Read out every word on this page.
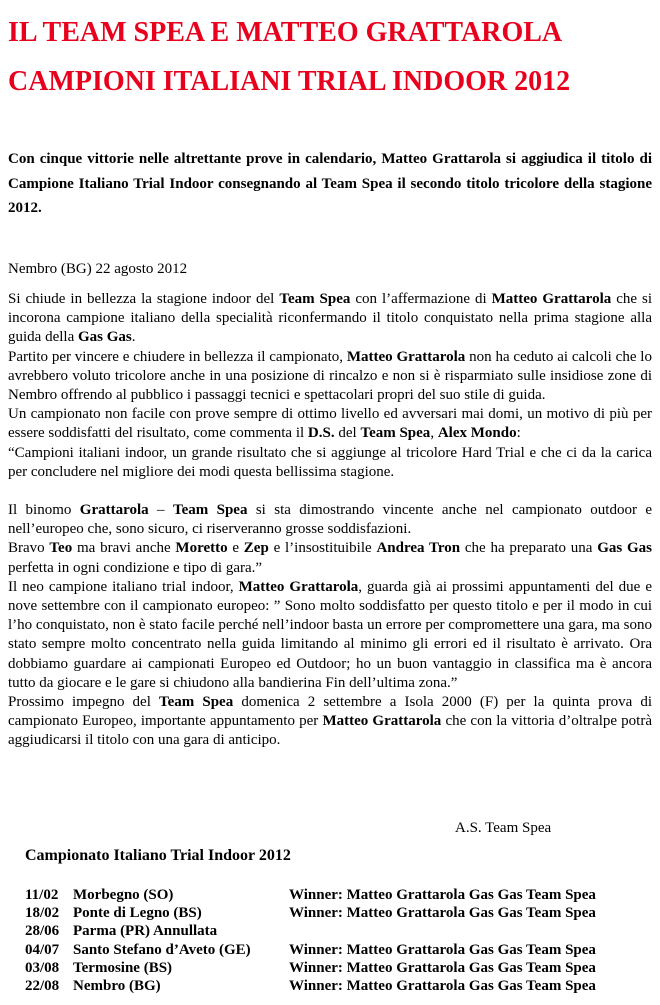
IL TEAM SPEA E MATTEO GRATTAROLA
CAMPIONI ITALIANI TRIAL INDOOR 2012

Con cinque vittorie nelle altrettante prove in calendario, Matteo Grattarola si aggiudica il titolo di Campione Italiano Trial Indoor consegnando al Team Spea il secondo titolo tricolore della stagione 2012.

Nembro (BG) 22 agosto 2012

Si chiude in bellezza la stagione indoor del Team Spea con l’affermazione di Matteo Grattarola che si incorona campione italiano della specialità riconfermando il titolo conquistato nella prima stagione alla guida della Gas Gas.

Partito per vincere e chiudere in bellezza il campionato, Matteo Grattarola non ha ceduto ai calcoli che lo avrebbero voluto tricolore anche in una posizione di rincalzo e non si è risparmiato sulle insidiose zone di Nembro offrendo al pubblico i passaggi tecnici e spettacolari propri del suo stile di guida.

Un campionato non facile con prove sempre di ottimo livello ed avversari mai domi, un motivo di più per essere soddisfatti del risultato, come commenta il D.S. del Team Spea, Alex Mondo:

“Campioni italiani indoor, un grande risultato che si aggiunge al tricolore Hard Trial e che ci da la carica per concludere nel migliore dei modi questa bellissima stagione.

Il binomo Grattarola – Team Spea si sta dimostrando vincente anche nel campionato outdoor e nell’europeo che, sono sicuro, ci riserveranno grosse soddisfazioni.

Bravo Teo ma bravi anche Moretto e Zep e l’insostituibile Andrea Tron che ha preparato una Gas Gas perfetta in ogni condizione e tipo di gara.”

Il neo campione italiano trial indoor, Matteo Grattarola, guarda già ai prossimi appuntamenti del due e nove settembre con il campionato europeo: ” Sono molto soddisfatto per questo titolo e per il modo in cui l’ho conquistato, non è stato facile perché nell’indoor basta un errore per compromettere una gara, ma sono stato sempre molto concentrato nella guida limitando al minimo gli errori ed il risultato è arrivato. Ora dobbiamo guardare ai campionati Europeo ed Outdoor; ho un buon vantaggio in classifica ma è ancora tutto da giocare e le gare si chiudono alla bandierina Fin dell’ultima zona.”

Prossimo impegno del Team Spea domenica 2 settembre a Isola 2000 (F) per la quinta prova di campionato Europeo, importante appuntamento per Matteo Grattarola che con la vittoria d’oltralpe potrà aggiudicarsi il titolo con una gara di anticipo.

A.S. Team Spea

Campionato Italiano Trial Indoor 2012

11/02 Morbegno (SO)	Winner: Matteo Grattarola Gas Gas Team Spea
18/02 Ponte di Legno (BS)	Winner: Matteo Grattarola Gas Gas Team Spea
28/06 Parma (PR) Annullata
04/07 Santo Stefano d’Aveto (GE)	Winner: Matteo Grattarola Gas Gas Team Spea
03/08 Termosine (BS)	Winner: Matteo Grattarola Gas Gas Team Spea
22/08 Nembro (BG)	Winner: Matteo Grattarola Gas Gas Team Spea
